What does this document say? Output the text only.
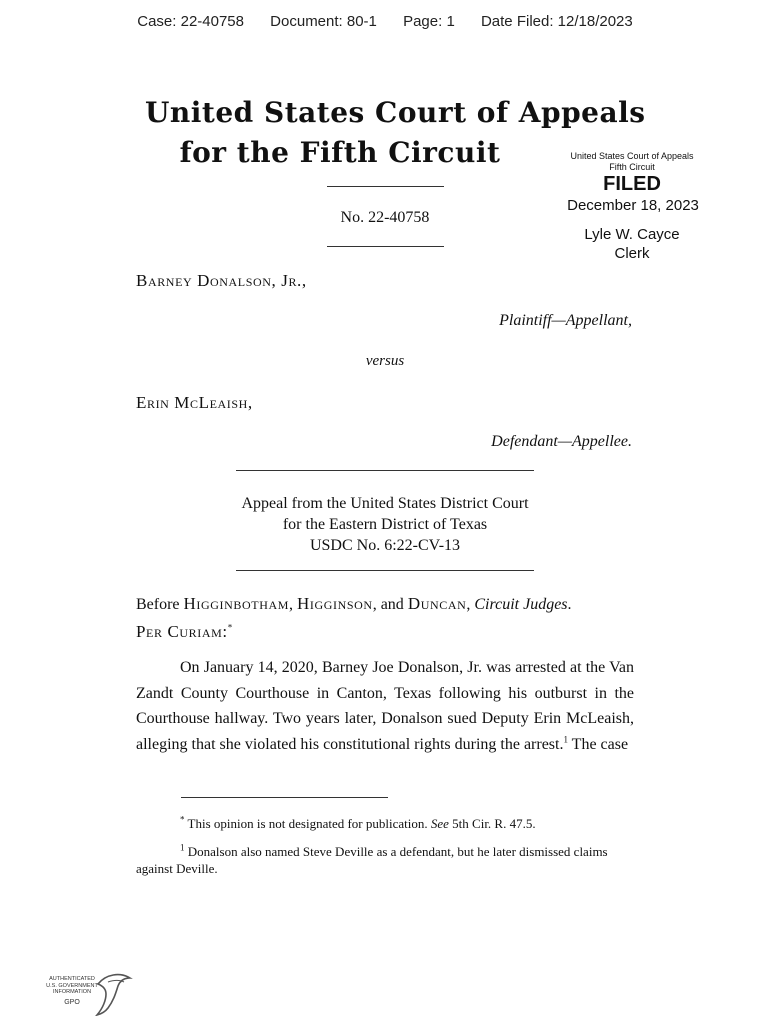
Case: 22-40758 Document: 80-1 Page: 1 Date Filed: 12/18/2023
United States Court of Appeals
for the Fifth Circuit	United States Court of Appeals
Fifth Circuit
FILED
December 18, 2023
Lyle W. Cayce
Clerk
No. 22-40758
Barney Donalson, Jr.,
Plaintiff—Appellant,
versus
Erin McLeaish,
Defendant—Appellee.
Appeal from the United States District Court
for the Eastern District of Texas
USDC No. 6:22-CV-13
Before Higginbotham, Higginson, and Duncan, Circuit Judges.
Per Curiam:*
On January 14, 2020, Barney Joe Donalson, Jr. was arrested at the Van Zandt County Courthouse in Canton, Texas following his outburst in the Courthouse hallway. Two years later, Donalson sued Deputy Erin McLeaish, alleging that she violated his constitutional rights during the arrest.$^1$ The case
* This opinion is not designated for publication. See 5th Cir. R. 47.5.
$^1$ Donalson also named Steve Deville as a defendant, but he later dismissed claims against Deville.
AUTHENTICATED
U.S. GOVERNMENT
INFORMATION
GPO
